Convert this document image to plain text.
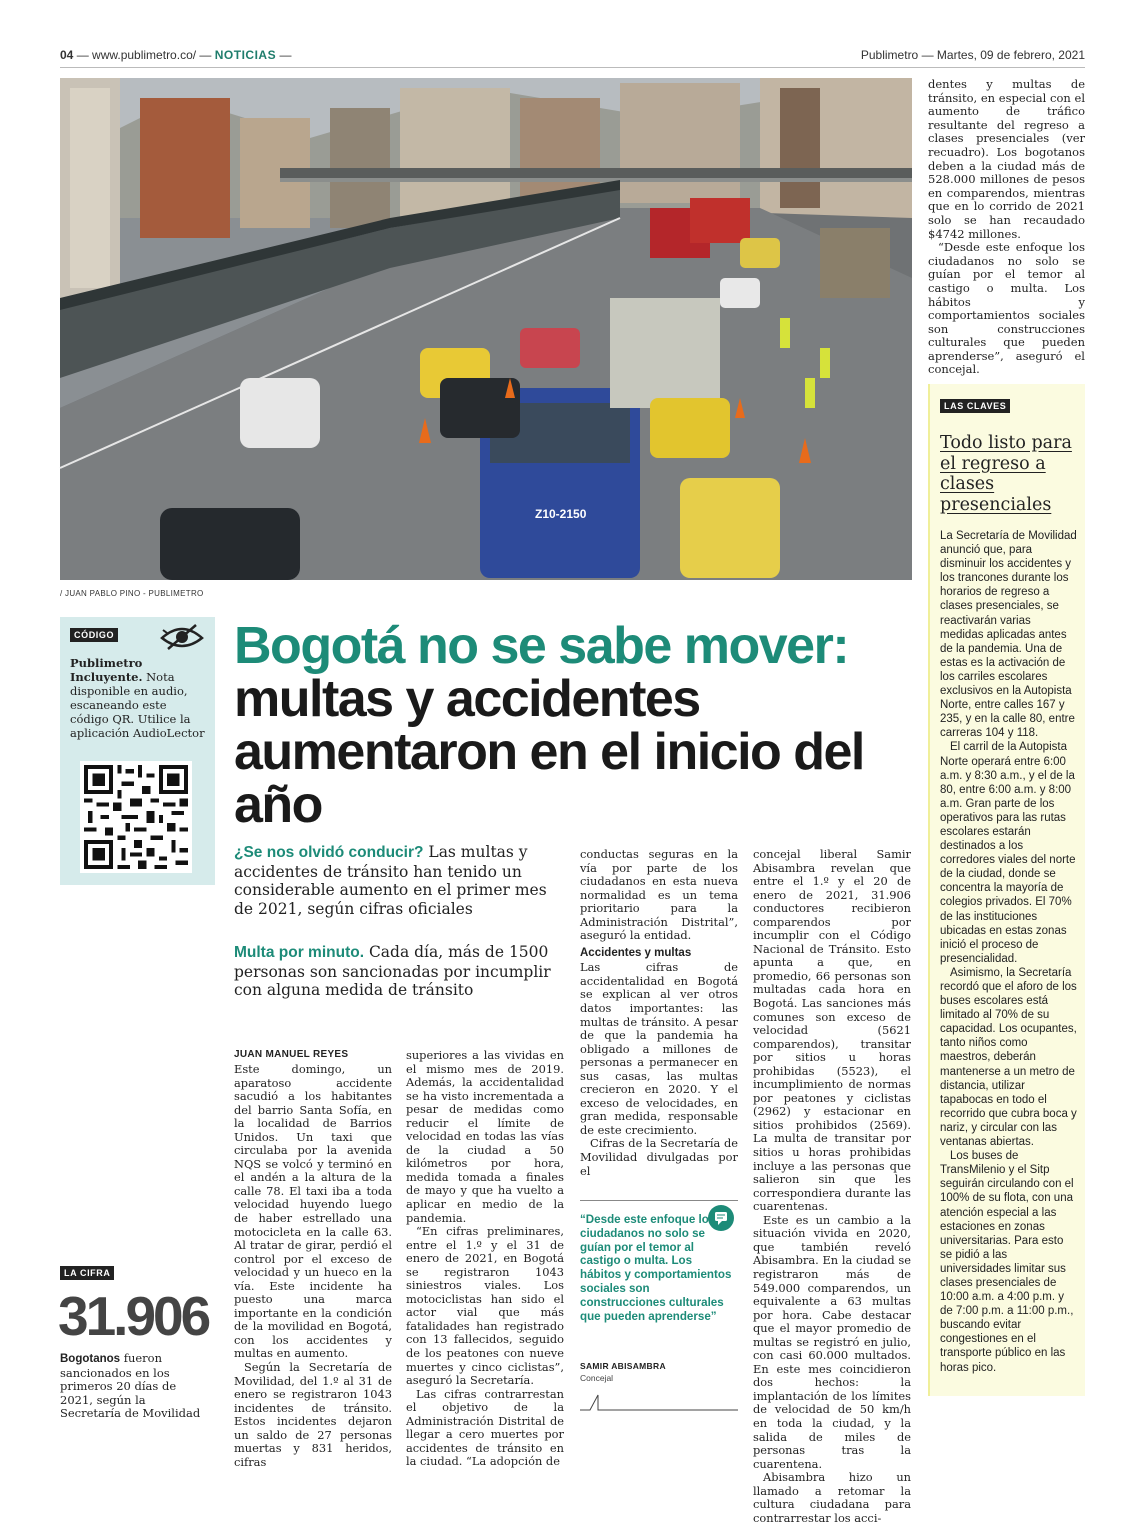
04 — www.publimetro.co/ — NOTICIAS —	Publimetro — Martes, 09 de febrero, 2021
Z10-2150
/ JUAN PABLO PINO - PUBLIMETRO

dentes y multas de tránsito, en especial con el aumento de tráfico resultante del regreso a clases presenciales (ver recuadro). Los bogotanos deben a la ciudad más de 528.000 millones de pesos en comparendos, mientras que en lo corrido de 2021 solo se han recaudado $4742 millones.

“Desde este enfoque los ciudadanos no solo se guían por el temor al castigo o multa. Los hábitos y comportamientos sociales son construcciones culturales que pueden aprenderse”, aseguró el concejal.

LAS CLAVES
Todo listo para el regreso a clases presenciales

La Secretaría de Movilidad anunció que, para disminuir los accidentes y los trancones durante los horarios de regreso a clases presenciales, se reactivarán varias medidas aplicadas antes de la pandemia. Una de estas es la activación de los carriles escolares exclusivos en la Autopista Norte, entre calles 167 y 235, y en la calle 80, entre carreras 104 y 118.

El carril de la Autopista Norte operará entre 6:00 a.m. y 8:30 a.m., y el de la 80, entre 6:00 a.m. y 8:00 a.m. Gran parte de los operativos para las rutas escolares estarán destinados a los corredores viales del norte de la ciudad, donde se concentra la mayoría de colegios privados. El 70% de las instituciones ubicadas en estas zonas inició el proceso de presencialidad.

Asimismo, la Secretaría recordó que el aforo de los buses escolares está limitado al 70% de su capacidad. Los ocupantes, tanto niños como maestros, deberán mantenerse a un metro de distancia, utilizar tapabocas en todo el recorrido que cubra boca y nariz, y circular con las ventanas abiertas.

Los buses de TransMilenio y el Sitp seguirán circulando con el 100% de su flota, con una atención especial a las estaciones en zonas universitarias. Para esto se pidió a las universidades limitar sus clases presenciales de 10:00 a.m. a 4:00 p.m. y de 7:00 p.m. a 11:00 p.m., buscando evitar congestiones en el transporte público en las horas pico.

CÓDIGO
Publimetro Incluyente. Nota disponible en audio, escaneando este código QR. Utilice la aplicación AudioLector
Bogotá no se sabe mover: multas y accidentes aumentaron en el inicio del año
¿Se nos olvidó conducir? Las multas y accidentes de tránsito han tenido un considerable aumento en el primer mes de 2021, según cifras oficiales
Multa por minuto. Cada día, más de 1500 personas son sancionadas por incumplir con alguna medida de tránsito
JUAN MANUEL REYES

Este domingo, un aparatoso accidente sacudió a los habitantes del barrio Santa Sofía, en la localidad de Barrios Unidos. Un taxi que circulaba por la avenida NQS se volcó y terminó en el andén a la altura de la calle 78. El taxi iba a toda velocidad huyendo luego de haber estrellado una motocicleta en la calle 63. Al tratar de girar, perdió el control por el exceso de velocidad y un hueco en la vía. Este incidente ha puesto una marca importante en la condición de la movilidad en Bogotá, con los accidentes y multas en aumento.

Según la Secretaría de Movilidad, del 1.º al 31 de enero se registraron 1043 incidentes de tránsito. Estos incidentes dejaron un saldo de 27 personas muertas y 831 heridos, cifras

superiores a las vividas en el mismo mes de 2019. Además, la accidentalidad se ha visto incrementada a pesar de medidas como reducir el límite de velocidad en todas las vías de la ciudad a 50 kilómetros por hora, medida tomada a finales de mayo y que ha vuelto a aplicar en medio de la pandemia.

“En cifras preliminares, entre el 1.º y el 31 de enero de 2021, en Bogotá se registraron 1043 siniestros viales. Los motociclistas han sido el actor vial que más fatalidades han registrado con 13 fallecidos, seguido de los peatones con nueve muertes y cinco ciclistas”, aseguró la Secretaría.

Las cifras contrarrestan el objetivo de la Administración Distrital de llegar a cero muertes por accidentes de tránsito en la ciudad. “La adopción de

conductas seguras en la vía por parte de los ciudadanos en esta nueva normalidad es un tema prioritario para la Administración Distrital”, aseguró la entidad.

Accidentes y multas

Las cifras de accidentalidad en Bogotá se explican al ver otros datos importantes: las multas de tránsito. A pesar de que la pandemia ha obligado a millones de personas a permanecer en sus casas, las multas crecieron en 2020. Y el exceso de velocidades, en gran medida, responsable de este crecimiento.

Cifras de la Secretaría de Movilidad divulgadas por el

“Desde este enfoque los ciudadanos no solo se guían por el temor al castigo o multa. Los hábitos y comportamientos sociales son construcciones culturales que pueden aprenderse”
SAMIR ABISAMBRA
Concejal

concejal liberal Samir Abisambra revelan que entre el 1.º y el 20 de enero de 2021, 31.906 conductores recibieron comparendos por incumplir con el Código Nacional de Tránsito. Esto apunta a que, en promedio, 66 personas son multadas cada hora en Bogotá. Las sanciones más comunes son exceso de velocidad (5621 comparendos), transitar por sitios u horas prohibidas (5523), el incumplimiento de normas por peatones y ciclistas (2962) y estacionar en sitios prohibidos (2569). La multa de transitar por sitios u horas prohibidas incluye a las personas que salieron sin que les correspondiera durante las cuarentenas.

Este es un cambio a la situación vivida en 2020, que también reveló Abisambra. En la ciudad se registraron más de 549.000 comparendos, un equivalente a 63 multas por hora. Cabe destacar que el mayor promedio de multas se registró en julio, con casi 60.000 multados. En este mes coincidieron dos hechos: la implantación de los límites de velocidad de 50 km/h en toda la ciudad, y la salida de miles de personas tras la cuarentena.

Abisambra hizo un llamado a retomar la cultura ciudadana para contrarrestar los acci-

LA CIFRA
31.906
Bogotanos fueron sancionados en los primeros 20 días de 2021, según la Secretaría de Movilidad
